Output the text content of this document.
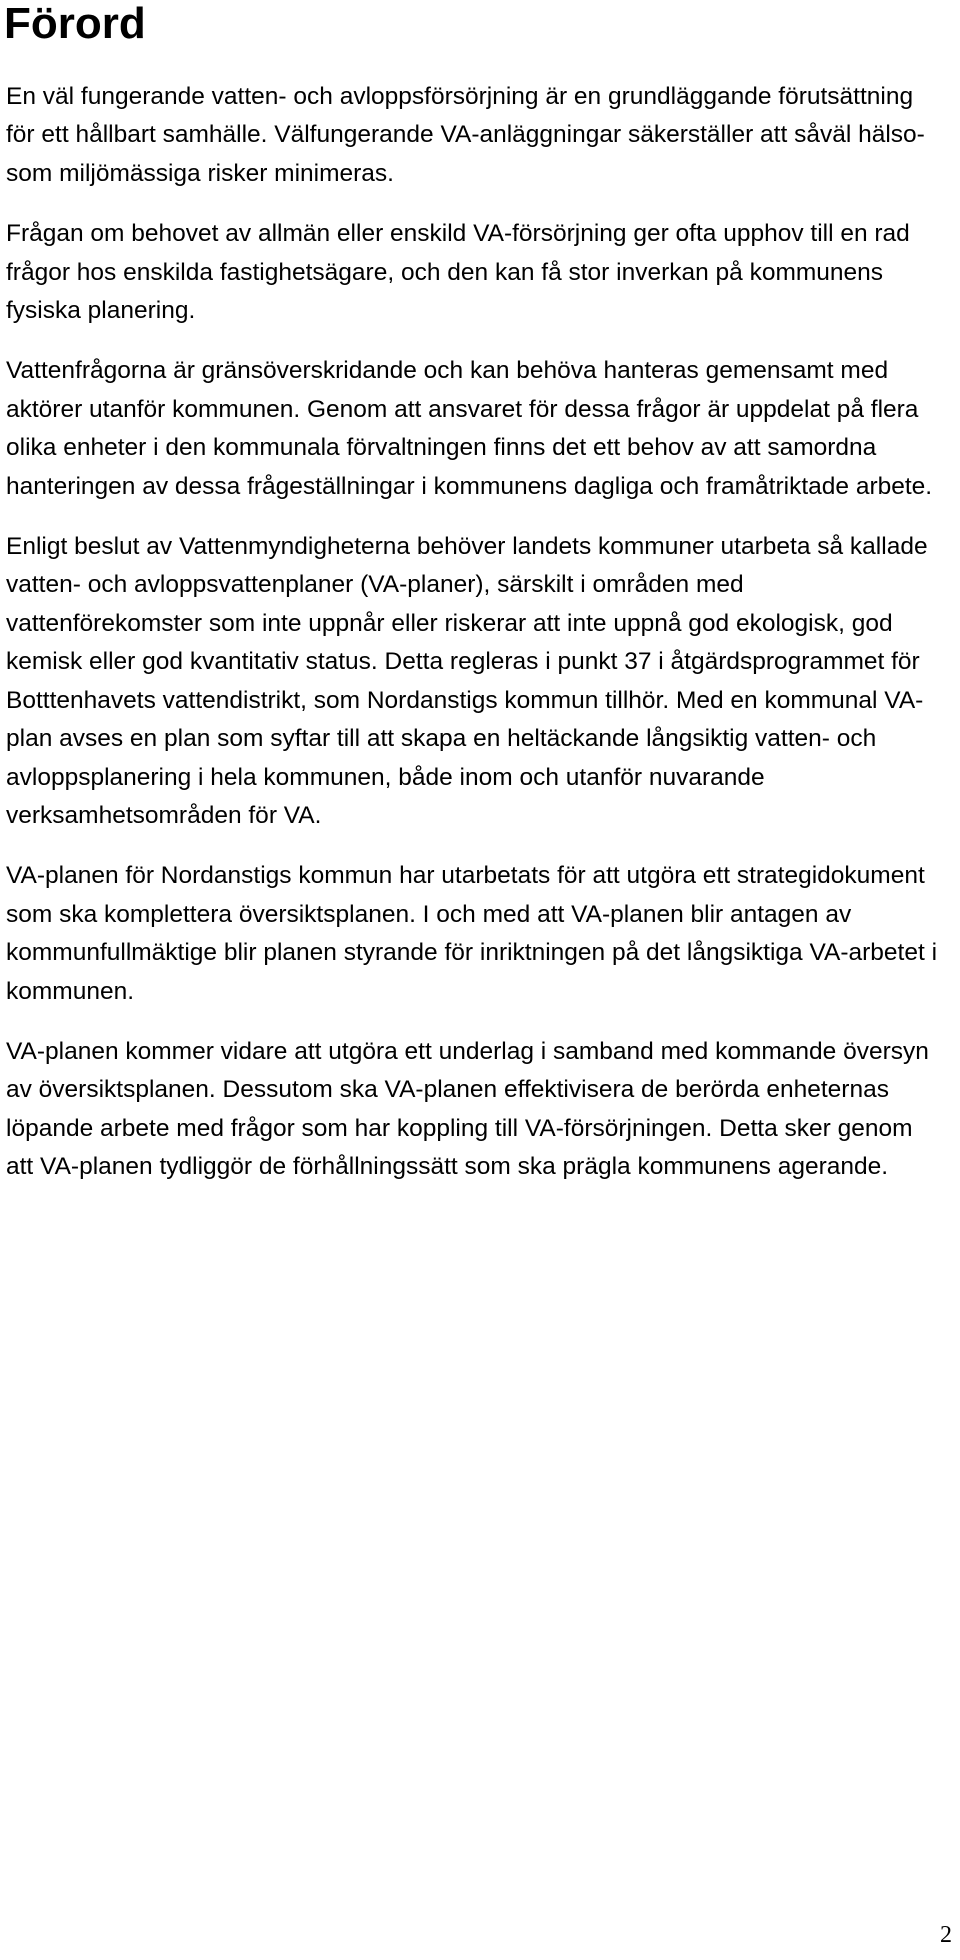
Förord

En väl fungerande vatten- och avloppsförsörjning är en grundläggande förutsättning för ett hållbart samhälle. Välfungerande VA-anläggningar säkerställer att såväl hälso- som miljömässiga risker minimeras.

Frågan om behovet av allmän eller enskild VA-försörjning ger ofta upphov till en rad frågor hos enskilda fastighetsägare, och den kan få stor inverkan på kommunens fysiska planering.

Vattenfrågorna är gränsöverskridande och kan behöva hanteras gemensamt med aktörer utanför kommunen. Genom att ansvaret för dessa frågor är uppdelat på flera olika enheter i den kommunala förvaltningen finns det ett behov av att samordna hanteringen av dessa frågeställningar i kommunens dagliga och framåtriktade arbete.

Enligt beslut av Vattenmyndigheterna behöver landets kommuner utarbeta så kallade vatten- och avloppsvattenplaner (VA-planer), särskilt i områden med vattenförekomster som inte uppnår eller riskerar att inte uppnå god ekologisk, god kemisk eller god kvantitativ status. Detta regleras i punkt 37 i åtgärdsprogrammet för Botttenhavets vattendistrikt, som Nordanstigs kommun tillhör. Med en kommunal VA-plan avses en plan som syftar till att skapa en heltäckande långsiktig vatten- och avloppsplanering i hela kommunen, både inom och utanför nuvarande verksamhetsområden för VA.

VA-planen för Nordanstigs kommun har utarbetats för att utgöra ett strategidokument som ska komplettera översiktsplanen. I och med att VA-planen blir antagen av kommunfullmäktige blir planen styrande för inriktningen på det långsiktiga VA-arbetet i kommunen.

VA-planen kommer vidare att utgöra ett underlag i samband med kommande översyn av översiktsplanen. Dessutom ska VA-planen effektivisera de berörda enheternas löpande arbete med frågor som har koppling till VA-försörjningen. Detta sker genom att VA-planen tydliggör de förhållningssätt som ska prägla kommunens agerande.

2
